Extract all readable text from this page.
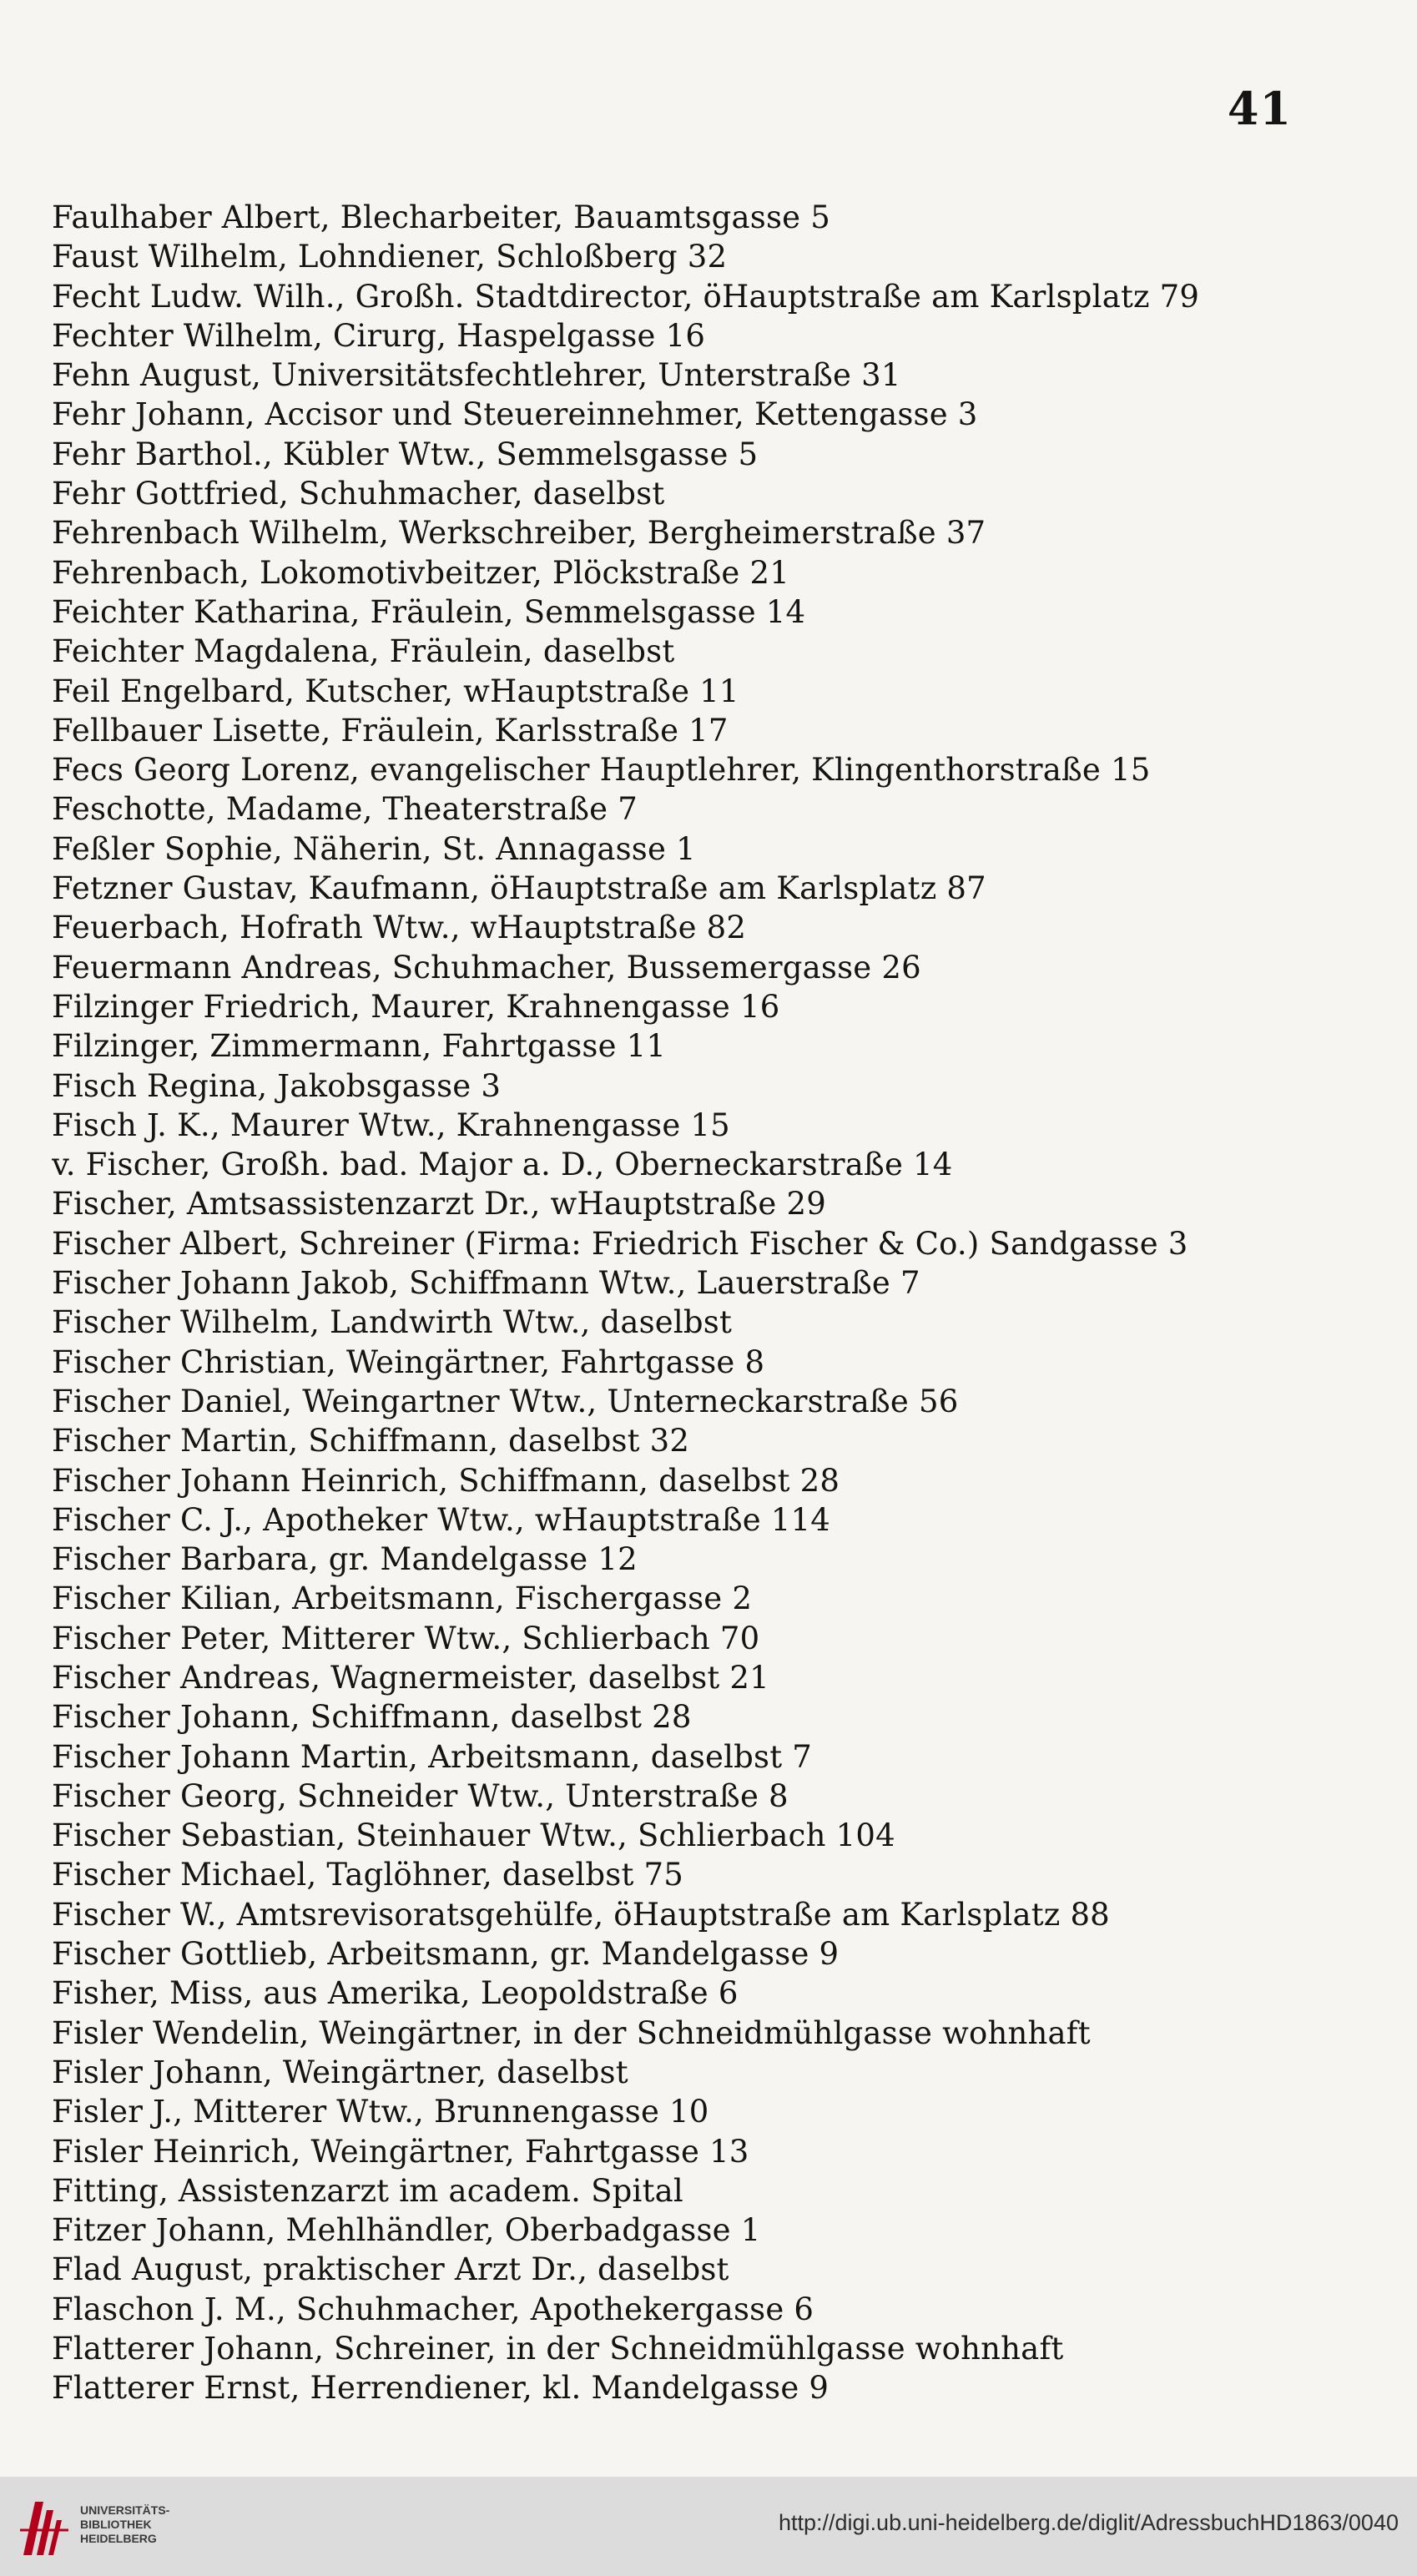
41
Faulhaber Albert, Blecharbeiter, Bauamtsgasse 5
Faust Wilhelm, Lohndiener, Schloßberg 32
Fecht Ludw. Wilh., Großh. Stadtdirector, öHauptstraße am Karlsplatz 79
Fechter Wilhelm, Cirurg, Haspelgasse 16
Fehn August, Universitätsfechtlehrer, Unterstraße 31
Fehr Johann, Accisor und Steuereinnehmer, Kettengasse 3
Fehr Barthol., Kübler Wtw., Semmelsgasse 5
Fehr Gottfried, Schuhmacher, daselbst
Fehrenbach Wilhelm, Werkschreiber, Bergheimerstraße 37
Fehrenbach, Lokomotivbeitzer, Plöckstraße 21
Feichter Katharina, Fräulein, Semmelsgasse 14
Feichter Magdalena, Fräulein, daselbst
Feil Engelbard, Kutscher, wHauptstraße 11
Fellbauer Lisette, Fräulein, Karlsstraße 17
Fecs Georg Lorenz, evangelischer Hauptlehrer, Klingenthorstraße 15
Feschotte, Madame, Theaterstraße 7
Feßler Sophie, Näherin, St. Annagasse 1
Fetzner Gustav, Kaufmann, öHauptstraße am Karlsplatz 87
Feuerbach, Hofrath Wtw., wHauptstraße 82
Feuermann Andreas, Schuhmacher, Bussemergasse 26
Filzinger Friedrich, Maurer, Krahnengasse 16
Filzinger, Zimmermann, Fahrtgasse 11
Fisch Regina, Jakobsgasse 3
Fisch J. K., Maurer Wtw., Krahnengasse 15
v. Fischer, Großh. bad. Major a. D., Oberneckarstraße 14
Fischer, Amtsassistenzarzt Dr., wHauptstraße 29
Fischer Albert, Schreiner (Firma: Friedrich Fischer & Co.) Sandgasse 3
Fischer Johann Jakob, Schiffmann Wtw., Lauerstraße 7
Fischer Wilhelm, Landwirth Wtw., daselbst
Fischer Christian, Weingärtner, Fahrtgasse 8
Fischer Daniel, Weingartner Wtw., Unterneckarstraße 56
Fischer Martin, Schiffmann, daselbst 32
Fischer Johann Heinrich, Schiffmann, daselbst 28
Fischer C. J., Apotheker Wtw., wHauptstraße 114
Fischer Barbara, gr. Mandelgasse 12
Fischer Kilian, Arbeitsmann, Fischergasse 2
Fischer Peter, Mitterer Wtw., Schlierbach 70
Fischer Andreas, Wagnermeister, daselbst 21
Fischer Johann, Schiffmann, daselbst 28
Fischer Johann Martin, Arbeitsmann, daselbst 7
Fischer Georg, Schneider Wtw., Unterstraße 8
Fischer Sebastian, Steinhauer Wtw., Schlierbach 104
Fischer Michael, Taglöhner, daselbst 75
Fischer W., Amtsrevisoratsgehülfe, öHauptstraße am Karlsplatz 88
Fischer Gottlieb, Arbeitsmann, gr. Mandelgasse 9
Fisher, Miss, aus Amerika, Leopoldstraße 6
Fisler Wendelin, Weingärtner, in der Schneidmühlgasse wohnhaft
Fisler Johann, Weingärtner, daselbst
Fisler J., Mitterer Wtw., Brunnengasse 10
Fisler Heinrich, Weingärtner, Fahrtgasse 13
Fitting, Assistenzarzt im academ. Spital
Fitzer Johann, Mehlhändler, Oberbadgasse 1
Flad August, praktischer Arzt Dr., daselbst
Flaschon J. M., Schuhmacher, Apothekergasse 6
Flatterer Johann, Schreiner, in der Schneidmühlgasse wohnhaft
Flatterer Ernst, Herrendiener, kl. Mandelgasse 9
UNIVERSITÄTS-
BIBLIOTHEK
HEIDELBERG
http://digi.ub.uni-heidelberg.de/diglit/AdressbuchHD1863/0040
